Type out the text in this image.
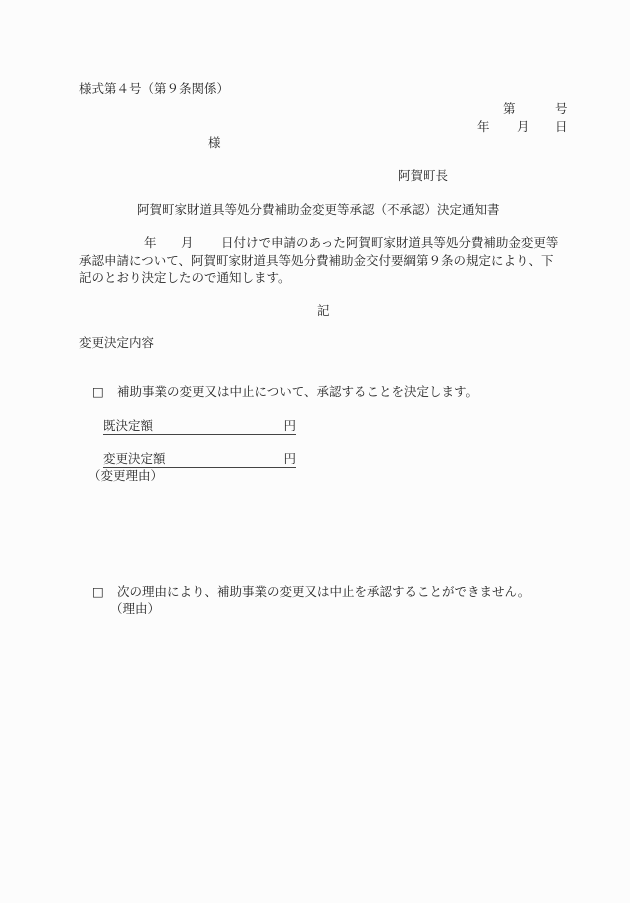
様式第４号（第９条関係）
第	号
年 月 日
様
阿賀町長
阿賀町家財道具等処分費補助金変更等承認（不承認）決定通知書
年 月 日付けで申請のあった阿賀町家財道具等処分費補助金変更等
承認申請について、阿賀町家財道具等処分費補助金交付要綱第９条の規定により、下
記のとおり決定したので通知します。
記
変更決定内容
□ 補助事業の変更又は中止について、承認することを決定します。
既決定額	円
変更決定額	円
（変更理由）
□ 次の理由により、補助事業の変更又は中止を承認することができません。
（理由）
